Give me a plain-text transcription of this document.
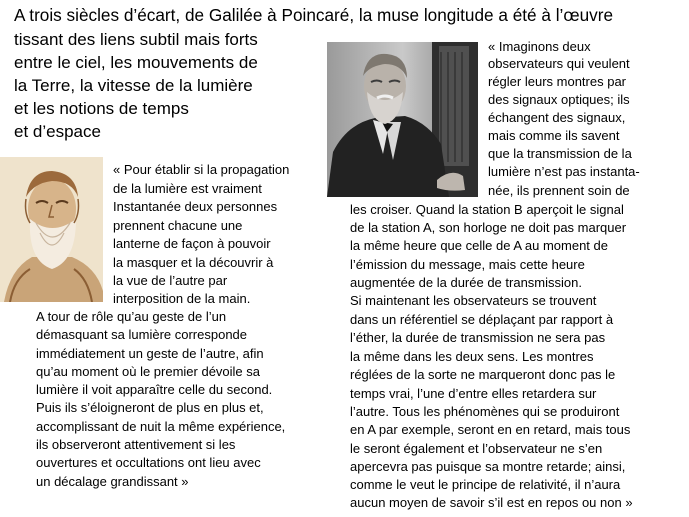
A trois siècles d’écart, de Galilée à Poincaré, la muse longitude a été à l’œuvre
tissant des liens subtil mais forts
entre le ciel, les mouvements de
la Terre, la vitesse de la lumière
et les notions de temps
et d’espace
« Pour établir si la propagation
de la lumière est vraiment
Instantanée deux personnes
prennent chacune une
lanterne de façon à pouvoir
la masquer et la découvrir à
la vue de l’autre par
interposition de la main.
A tour de rôle qu’au geste de l’un
démasquant sa lumière corresponde
immédiatement un geste de l’autre, afin
qu’au moment où le premier dévoile sa
lumière il voit apparaître celle du second.
Puis ils s’éloigneront de plus en plus et,
accomplissant de nuit la même expérience,
ils observeront attentivement si les
ouvertures et occultations ont lieu avec
un décalage grandissant »
« Imaginons deux
observateurs qui veulent
régler leurs montres par
des signaux optiques; ils
échangent des signaux,
mais comme ils savent
que la transmission de la
lumière n’est pas instanta-
née, ils prennent soin de
les croiser. Quand la station B aperçoit le signal
de la station A, son horloge ne doit pas marquer
la même heure que celle de A au moment de
l’émission du message, mais cette heure
augmentée de la durée de transmission.
Si maintenant les observateurs se trouvent
dans un référentiel se déplaçant par rapport à
l’éther, la durée de transmission ne sera pas
la même dans les deux sens. Les montres
réglées de la sorte ne marqueront donc pas le
temps vrai, l’une d’entre elles retardera sur
l’autre. Tous les phénomènes qui se produiront
en A par exemple, seront en en retard, mais tous
le seront également et l’observateur ne s’en
apercevra pas puisque sa montre retarde; ainsi,
comme le veut le principe de relativité, il n’aura
aucun moyen de savoir s’il est en repos ou non »
